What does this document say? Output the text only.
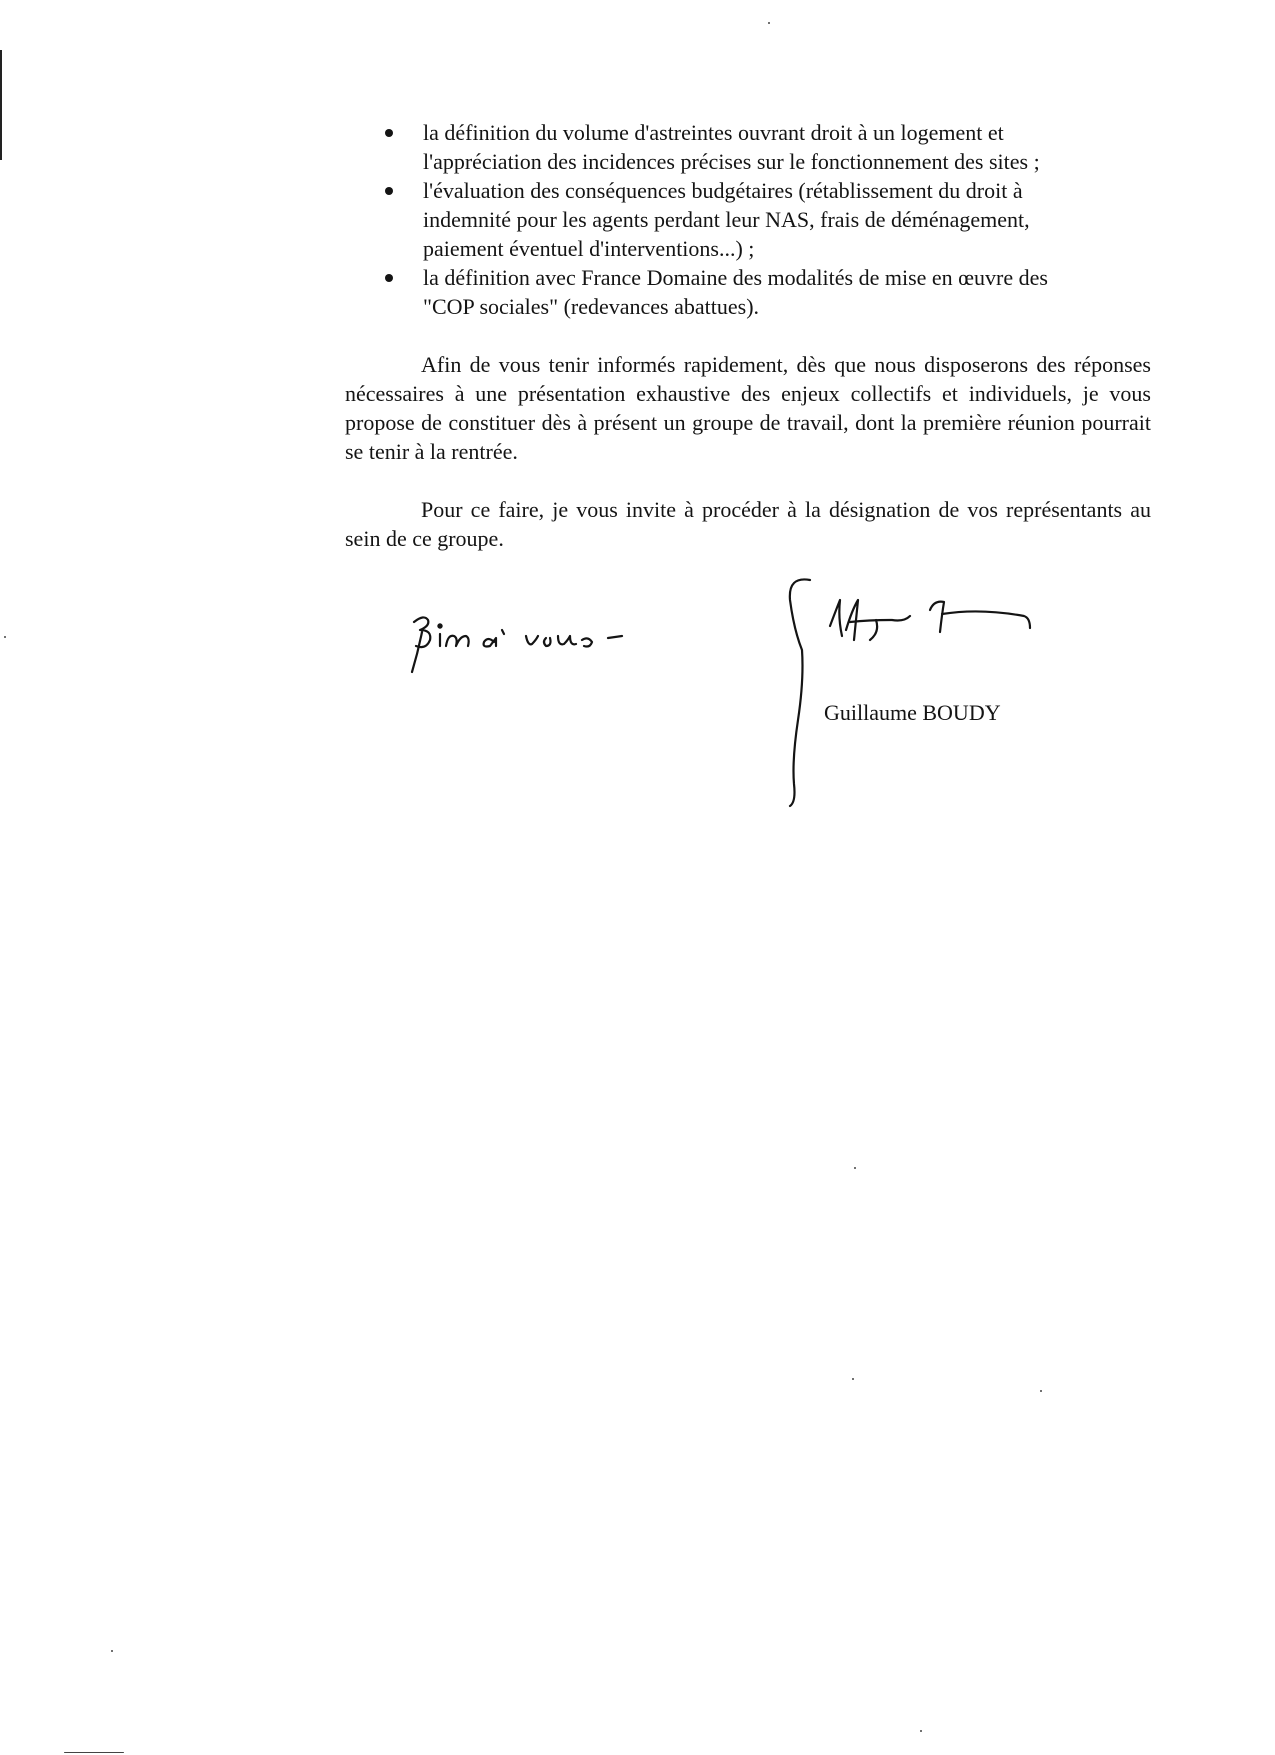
la définition du volume d'astreintes ouvrant droit à un logement et
l'appréciation des incidences précises sur le fonctionnement des sites ;
l'évaluation des conséquences budgétaires (rétablissement du droit à
indemnité pour les agents perdant leur NAS, frais de déménagement,
paiement éventuel d'interventions...) ;
la définition avec France Domaine des modalités de mise en œuvre des
"COP sociales" (redevances abattues).

Afin de vous tenir informés rapidement, dès que nous disposerons des réponses nécessaires à une présentation exhaustive des enjeux collectifs et individuels, je vous propose de constituer dès à présent un groupe de travail, dont la première réunion pourrait se tenir à la rentrée.

Pour ce faire, je vous invite à procéder à la désignation de vos représentants au sein de ce groupe.

Guillaume BOUDY
